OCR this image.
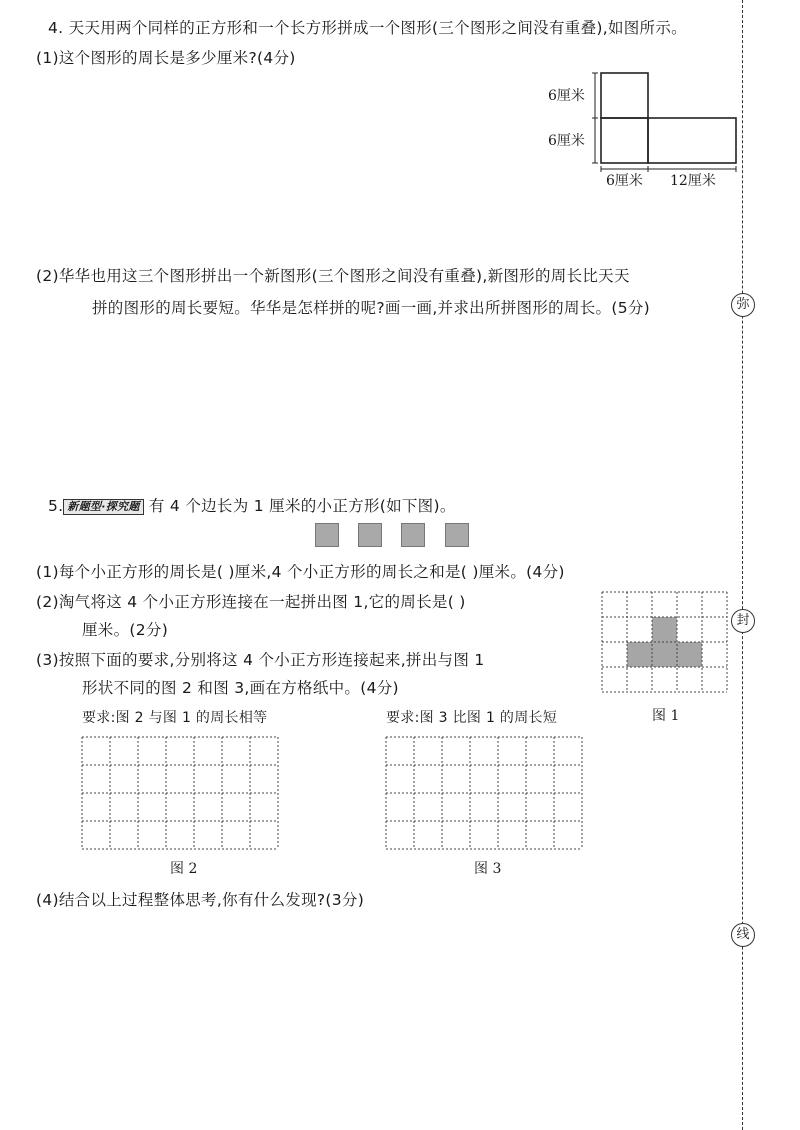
弥
封
线
4. 天天用两个同样的正方形和一个长方形拼成一个图形(三个图形之间没有重叠),如图所示。
(1)这个图形的周长是多少厘米?(4分)
6厘米
6厘米
6厘米 12厘米
(2)华华也用这三个图形拼出一个新图形(三个图形之间没有重叠),新图形的周长比天天
拼的图形的周长要短。华华是怎样拼的呢?画一画,并求出所拼图形的周长。(5分)
5. 新题型·探究题 有 4 个边长为 1 厘米的小正方形(如下图)。
(1)每个小正方形的周长是( )厘米,4 个小正方形的周长之和是( )厘米。(4分)
(2)淘气将这 4 个小正方形连接在一起拼出图 1,它的周长是( )
厘米。(2分)
(3)按照下面的要求,分别将这 4 个小正方形连接起来,拼出与图 1
形状不同的图 2 和图 3,画在方格纸中。(4分)
图 1
要求:图 2 与图 1 的周长相等	要求:图 3 比图 1 的周长短
图 2	图 3
(4)结合以上过程整体思考,你有什么发现?(3分)
